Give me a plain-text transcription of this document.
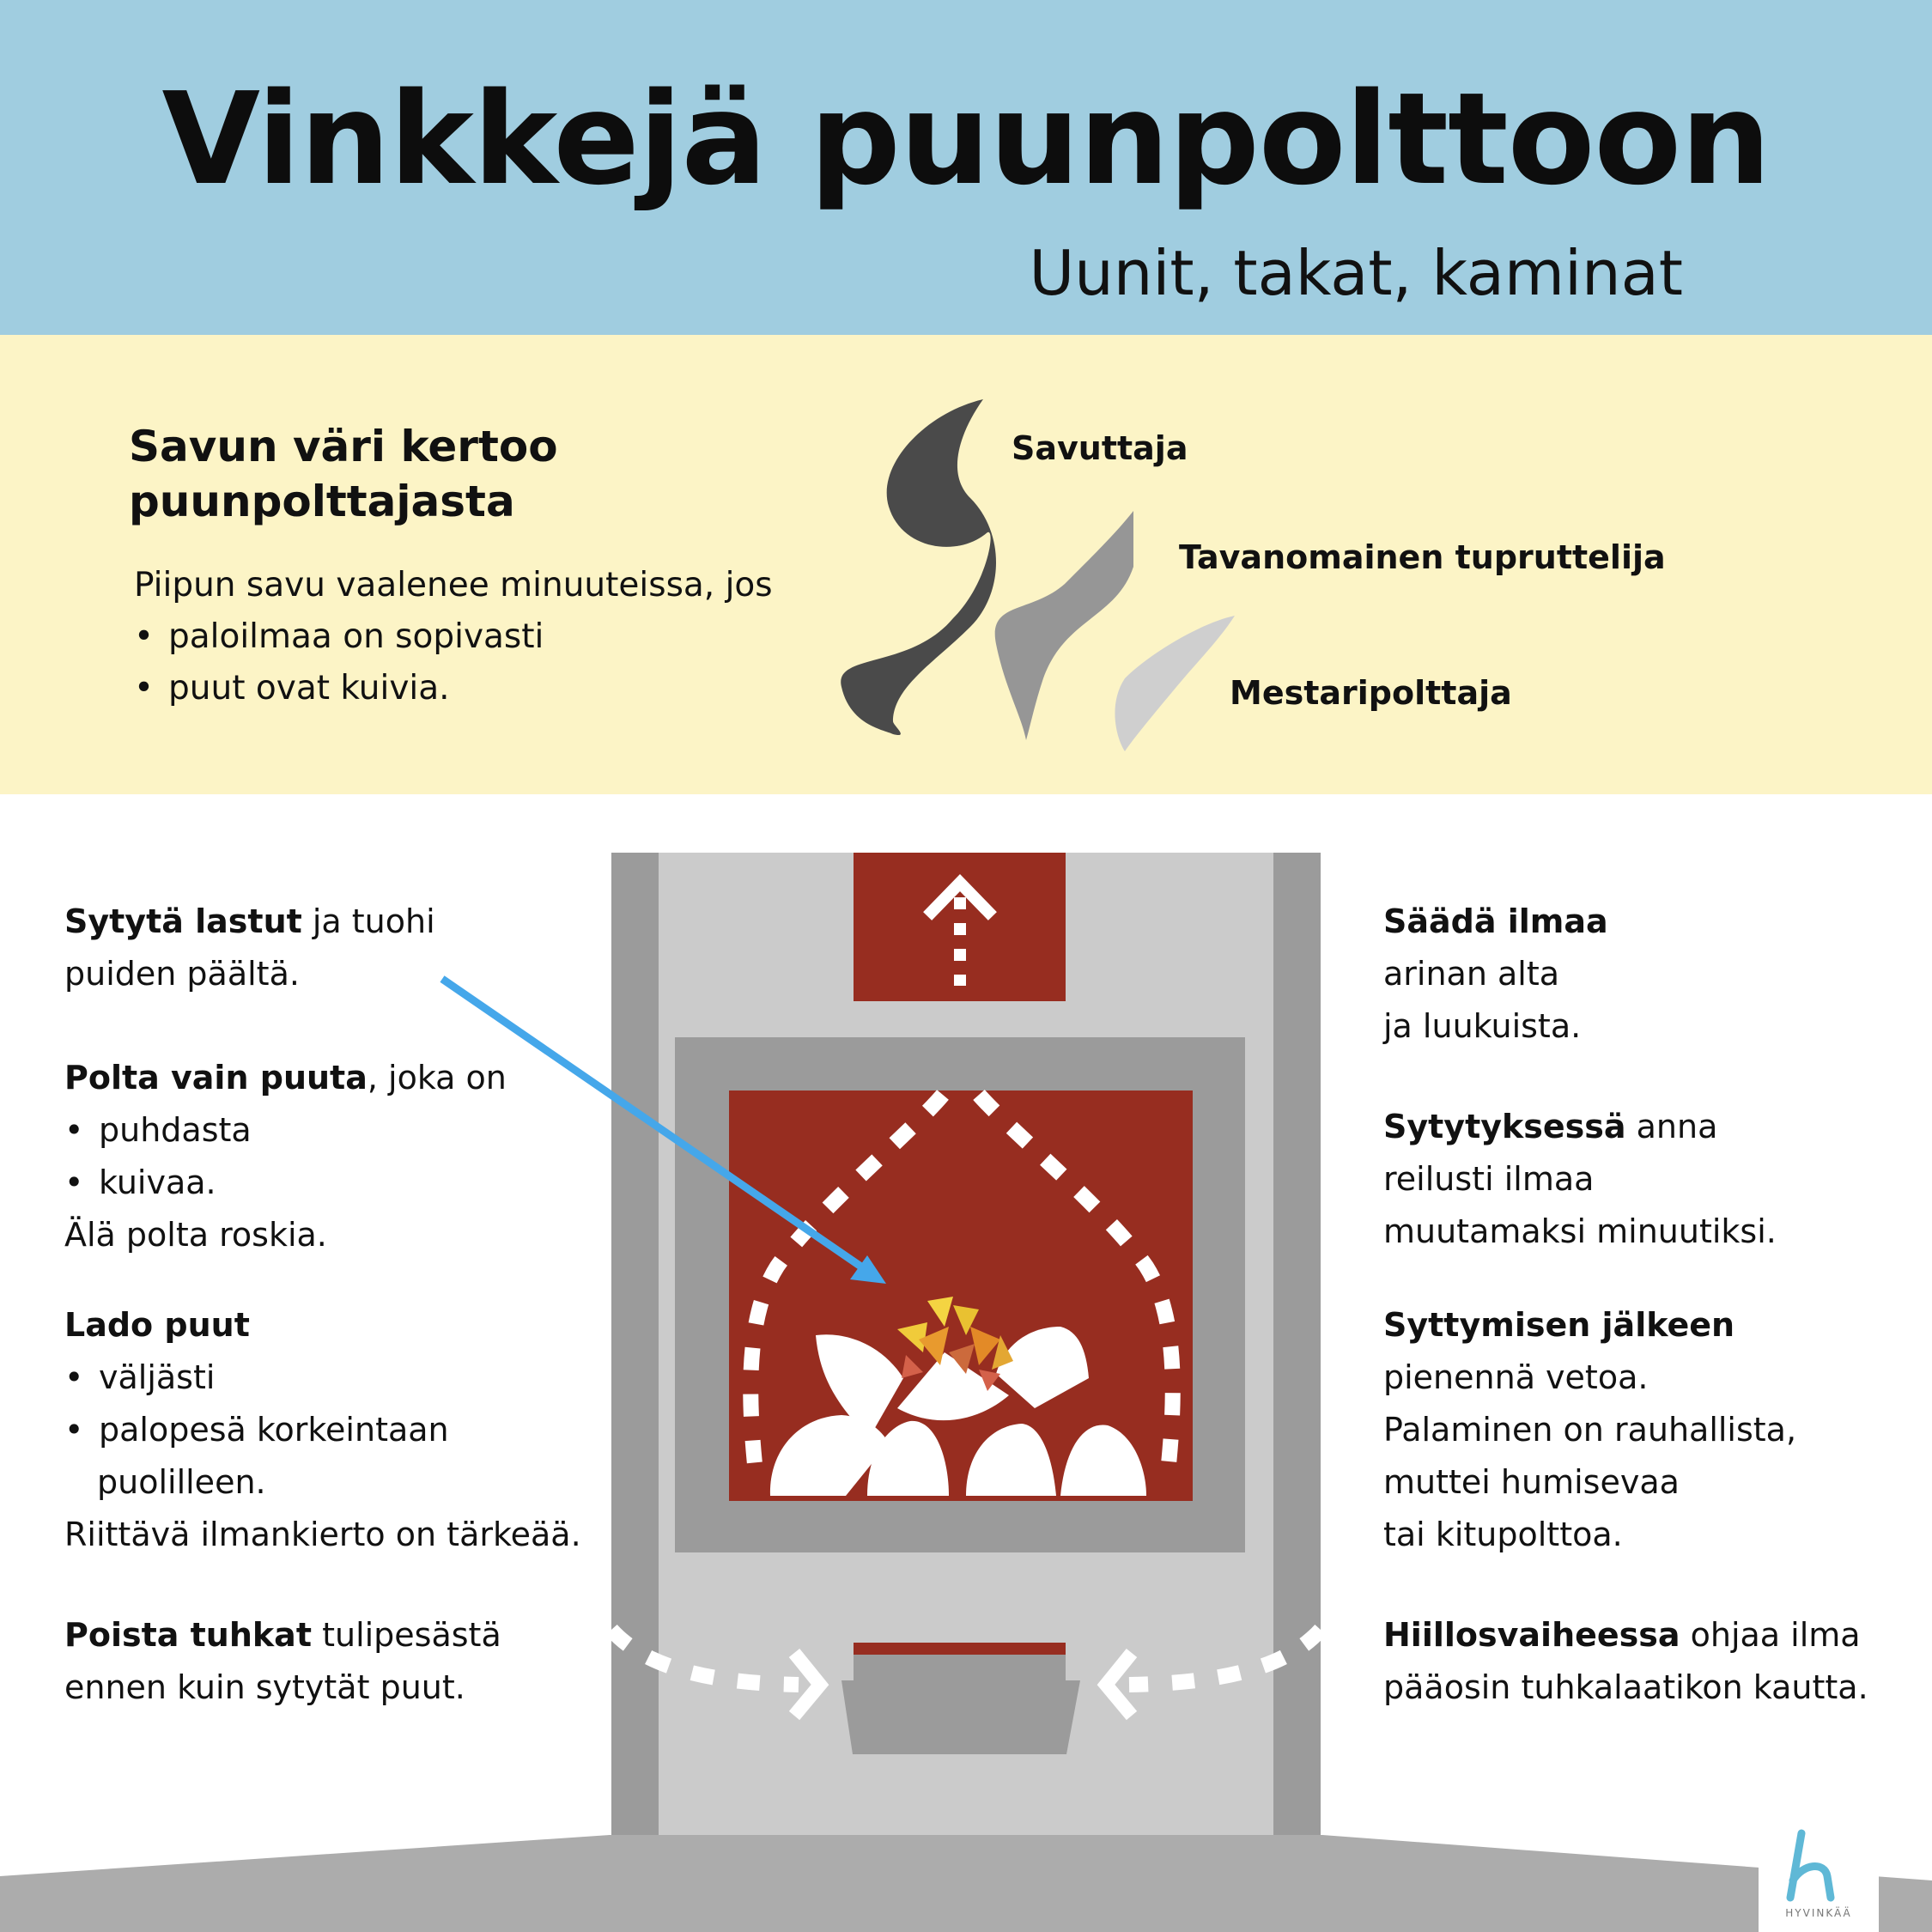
Vinkkejä puunpolttoon
Uunit, takat, kaminat
Savun väri kertoo
puunpolttajasta
Piipun savu vaalenee minuuteissa, jos
• paloilmaa on sopivasti
• puut ovat kuivia.
Savuttaja
Tavanomainen tupruttelija
Mestaripolttaja
HYVINKÄÄ
Sytytä lastut ja tuohi
puiden päältä.
Polta vain puuta, joka on
• puhdasta
• kuivaa.
Älä polta roskia.
Lado puut
• väljästi
• palopesä korkeintaan
puolilleen.
Riittävä ilmankierto on tärkeää.
Poista tuhkat tulipesästä
ennen kuin sytytät puut.
Säädä ilmaa
arinan alta
ja luukuista.
Sytytyksessä anna
reilusti ilmaa
muutamaksi minuutiksi.
Syttymisen jälkeen
pienennä vetoa.
Palaminen on rauhallista,
muttei humisevaa
tai kitupolttoa.
Hiillosvaiheessa ohjaa ilma
pääosin tuhkalaatikon kautta.
